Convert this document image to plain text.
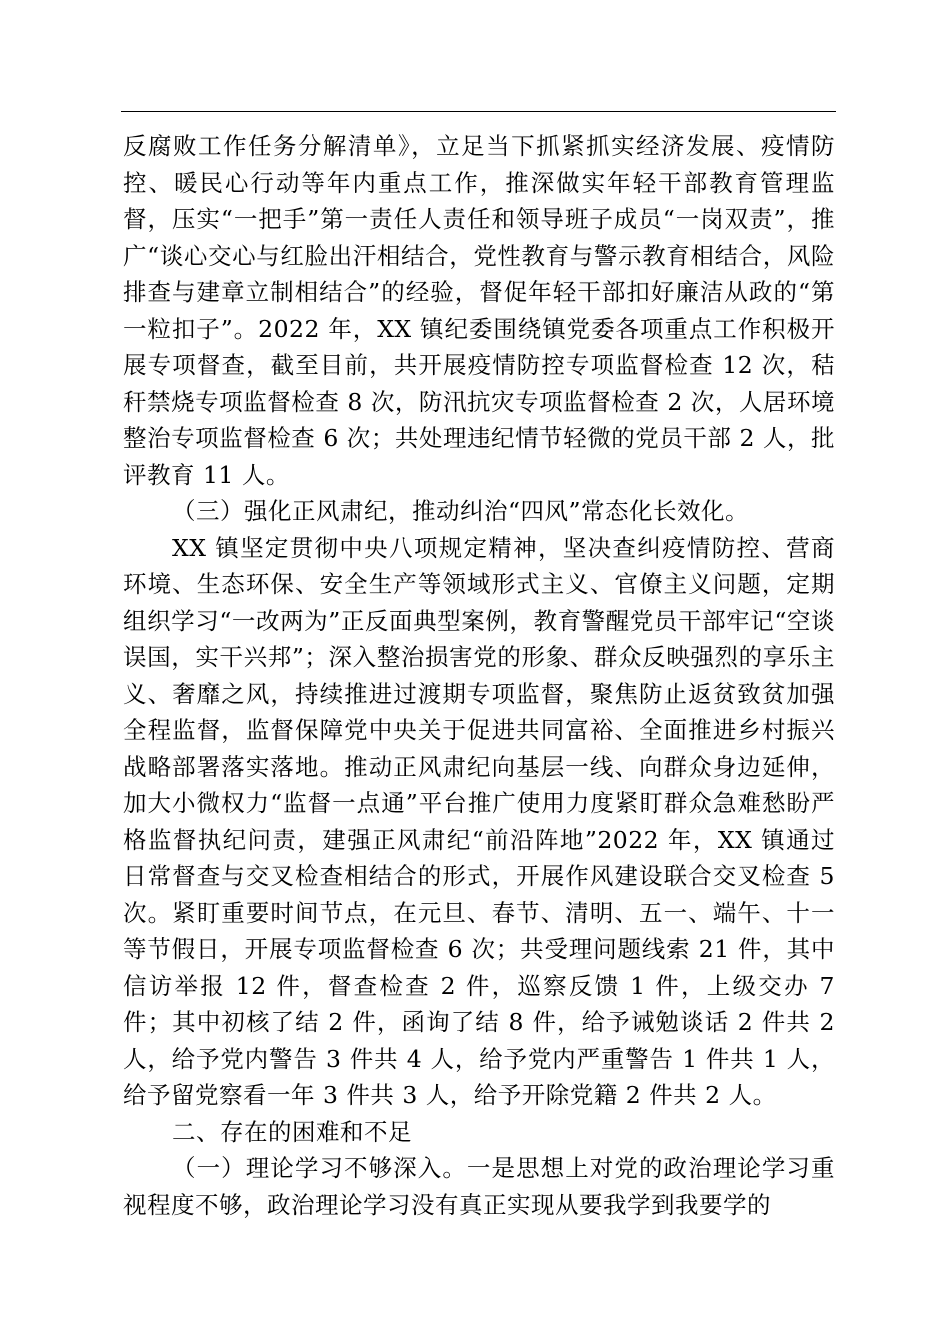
反腐败工作任务分解清单》，立足当下抓紧抓实经济发展、疫情防控、暖民心行动等年内重点工作，推深做实年轻干部教育管理监督，压实“一把手”第一责任人责任和领导班子成员“一岗双责”，推广“谈心交心与红脸出汗相结合，党性教育与警示教育相结合，风险排查与建章立制相结合”的经验，督促年轻干部扣好廉洁从政的“第一粒扣子”。2022 年，XX 镇纪委围绕镇党委各项重点工作积极开展专项督查，截至目前，共开展疫情防控专项监督检查 12 次，秸秆禁烧专项监督检查 8 次，防汛抗灾专项监督检查 2 次，人居环境整治专项监督检查 6 次；共处理违纪情节轻微的党员干部 2 人，批评教育 11 人。

（三）强化正风肃纪，推动纠治“四风”常态化长效化。

XX 镇坚定贯彻中央八项规定精神，坚决查纠疫情防控、营商环境、生态环保、安全生产等领域形式主义、官僚主义问题，定期组织学习“一改两为”正反面典型案例，教育警醒党员干部牢记“空谈误国，实干兴邦”；深入整治损害党的形象、群众反映强烈的享乐主义、奢靡之风，持续推进过渡期专项监督，聚焦防止返贫致贫加强全程监督，监督保障党中央关于促进共同富裕、全面推进乡村振兴战略部署落实落地。推动正风肃纪向基层一线、向群众身边延伸，加大小微权力“监督一点通”平台推广使用力度紧盯群众急难愁盼严格监督执纪问责，建强正风肃纪“前沿阵地”2022 年，XX 镇通过日常督查与交叉检查相结合的形式，开展作风建设联合交叉检查 5 次。紧盯重要时间节点，在元旦、春节、清明、五一、端午、十一等节假日，开展专项监督检查 6 次；共受理问题线索 21 件，其中信访举报 12 件，督查检查 2 件，巡察反馈 1 件，上级交办 7 件；其中初核了结 2 件，函询了结 8 件，给予诫勉谈话 2 件共 2 人，给予党内警告 3 件共 4 人，给予党内严重警告 1 件共 1 人，给予留党察看一年 3 件共 3 人，给予开除党籍 2 件共 2 人。

二、存在的困难和不足

（一）理论学习不够深入。一是思想上对党的政治理论学习重视程度不够，政治理论学习没有真正实现从要我学到我要学的
